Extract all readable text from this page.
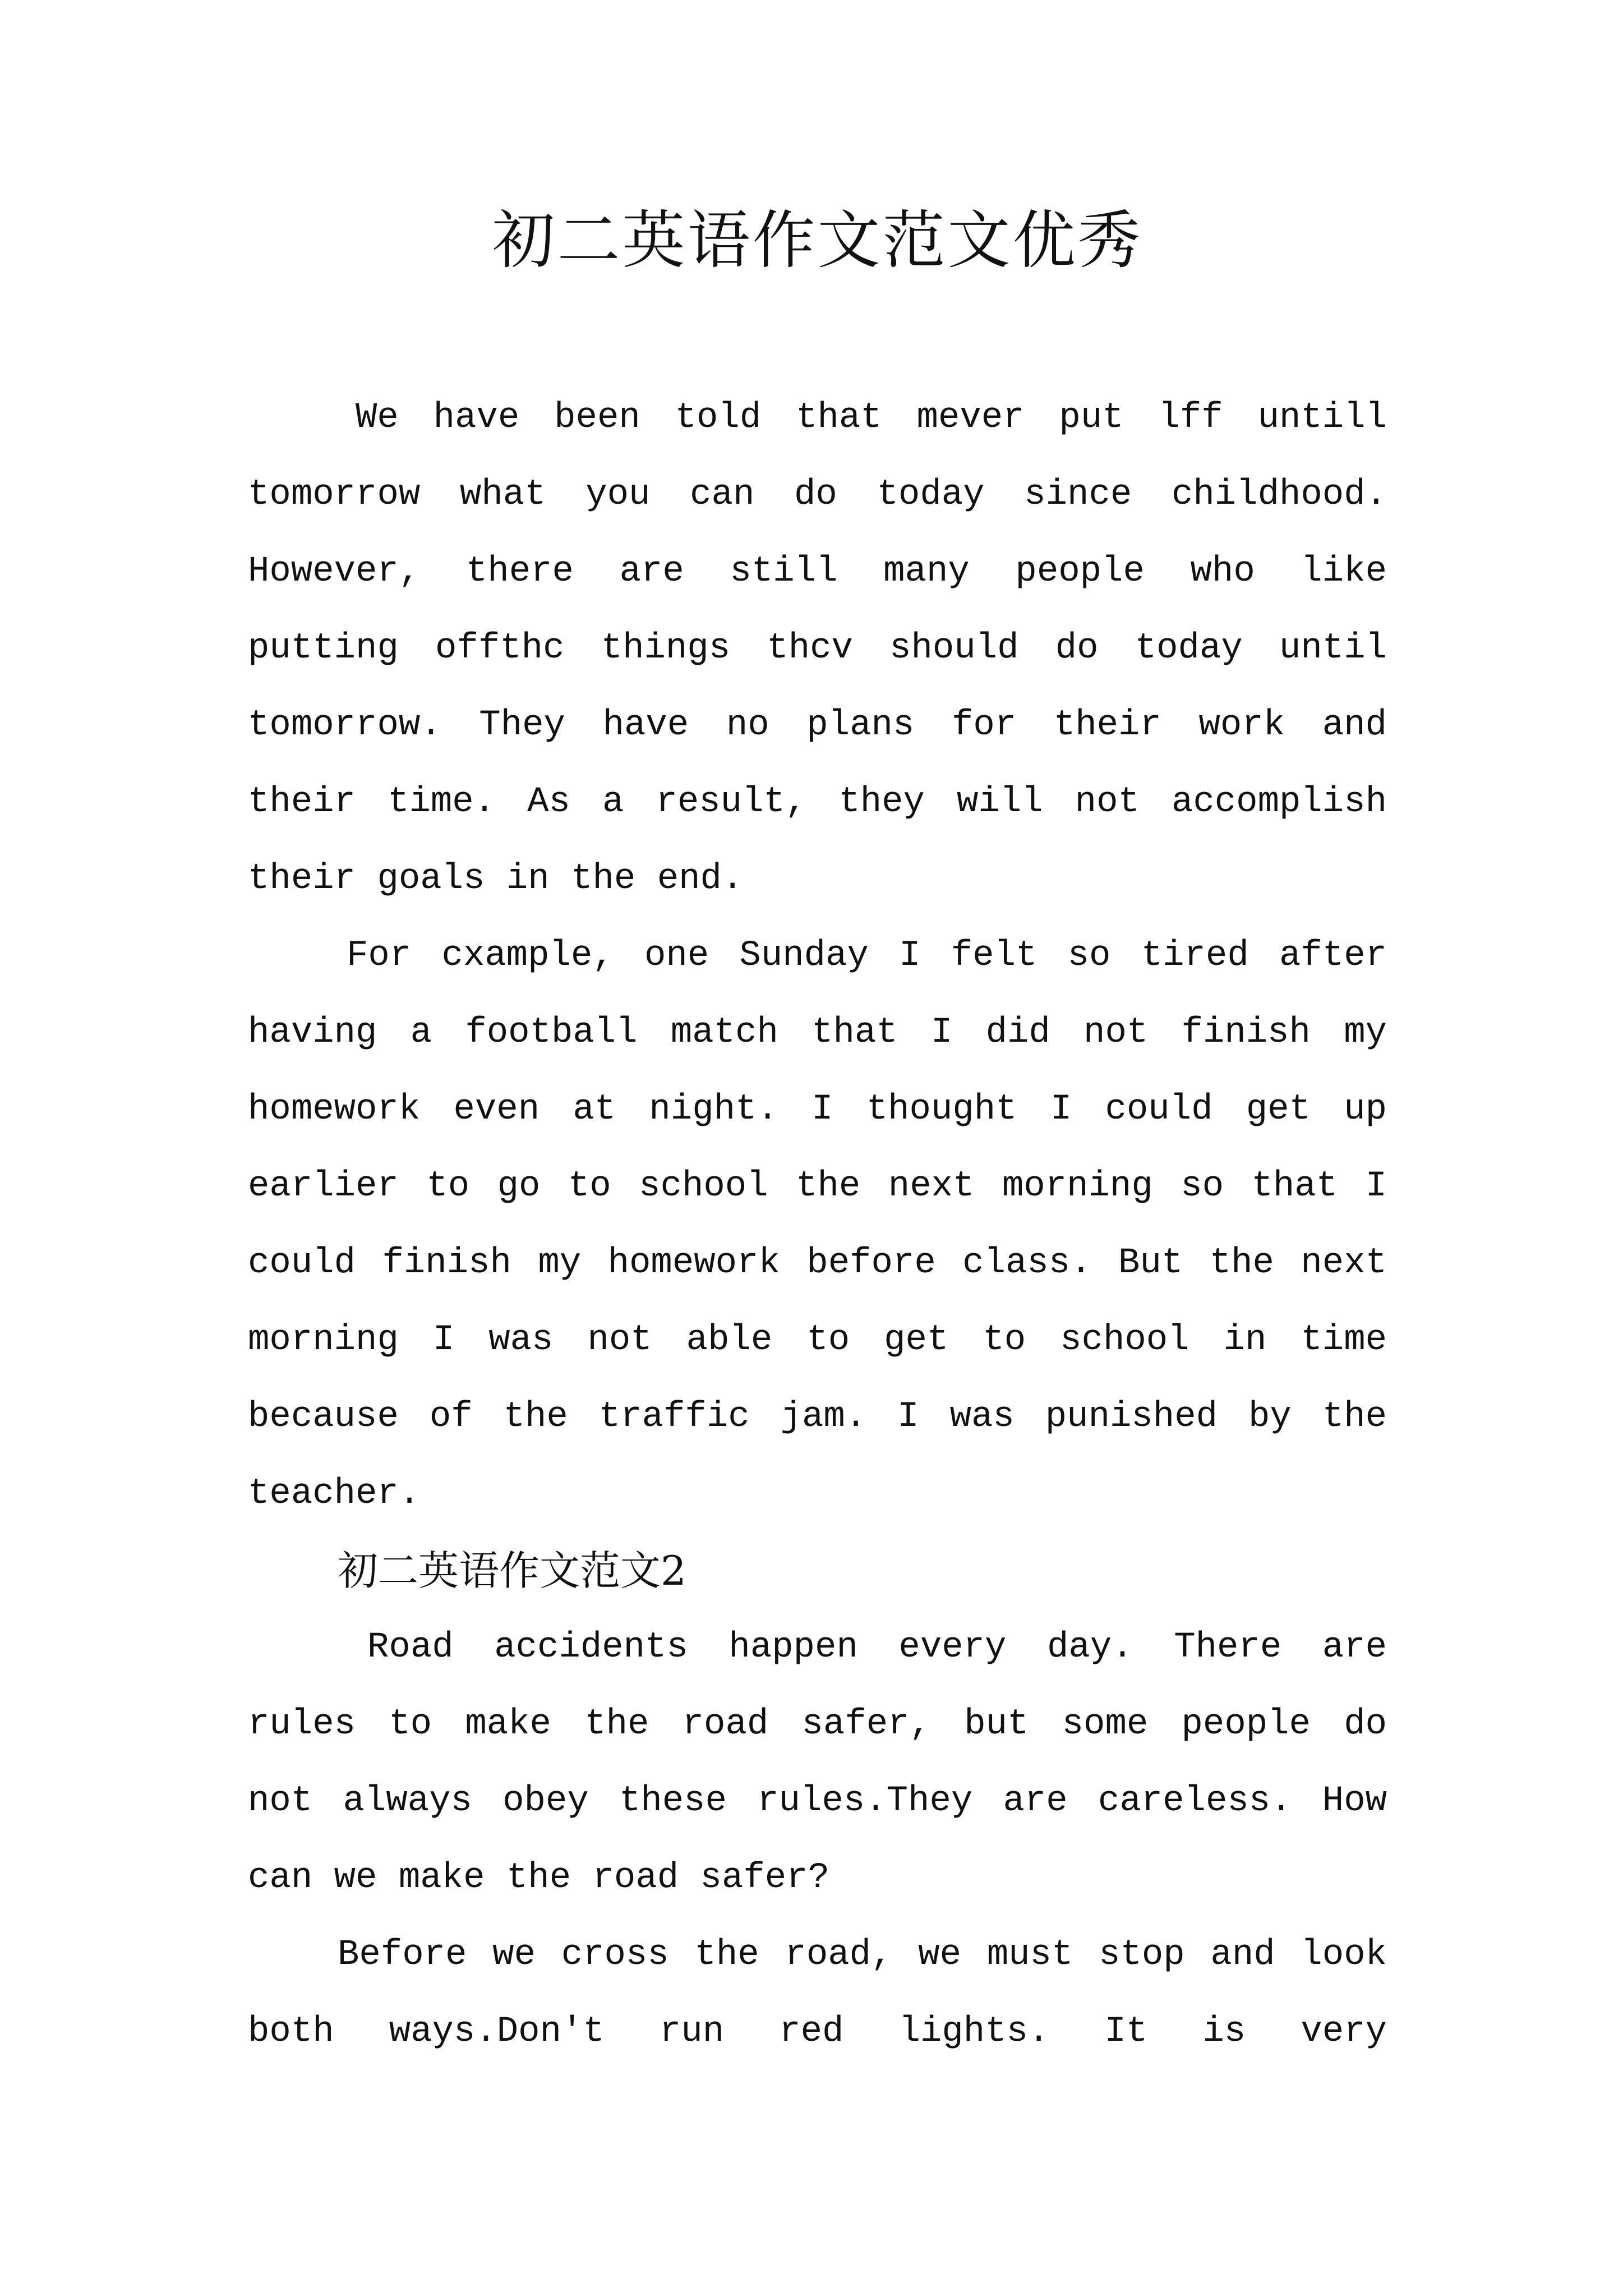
初二英语作文范文优秀
We have been told that mever put lff untill
tomorrow what you can do today since childhood.
However, there are still many people who like
putting offthc things thcv should do today until
tomorrow. They have no plans for their work and
their time. As a result, they will not accomplish
their goals in the end.
For cxample, one Sunday I felt so tired after
having a football match that I did not finish my
homework even at night. I thought I could get up
earlier to go to school the next morning so that I
could finish my homework before class. But the next
morning I was not able to get to school in time
because of the traffic jam. I was punished by the
teacher.
初二英语作文范文2
Road accidents happen every day. There are
rules to make the road safer, but some people do
not always obey these rules.They are careless. How
can we make the road safer?
Before we cross the road, we must stop and look
both ways.Don't run red lights. It is very
